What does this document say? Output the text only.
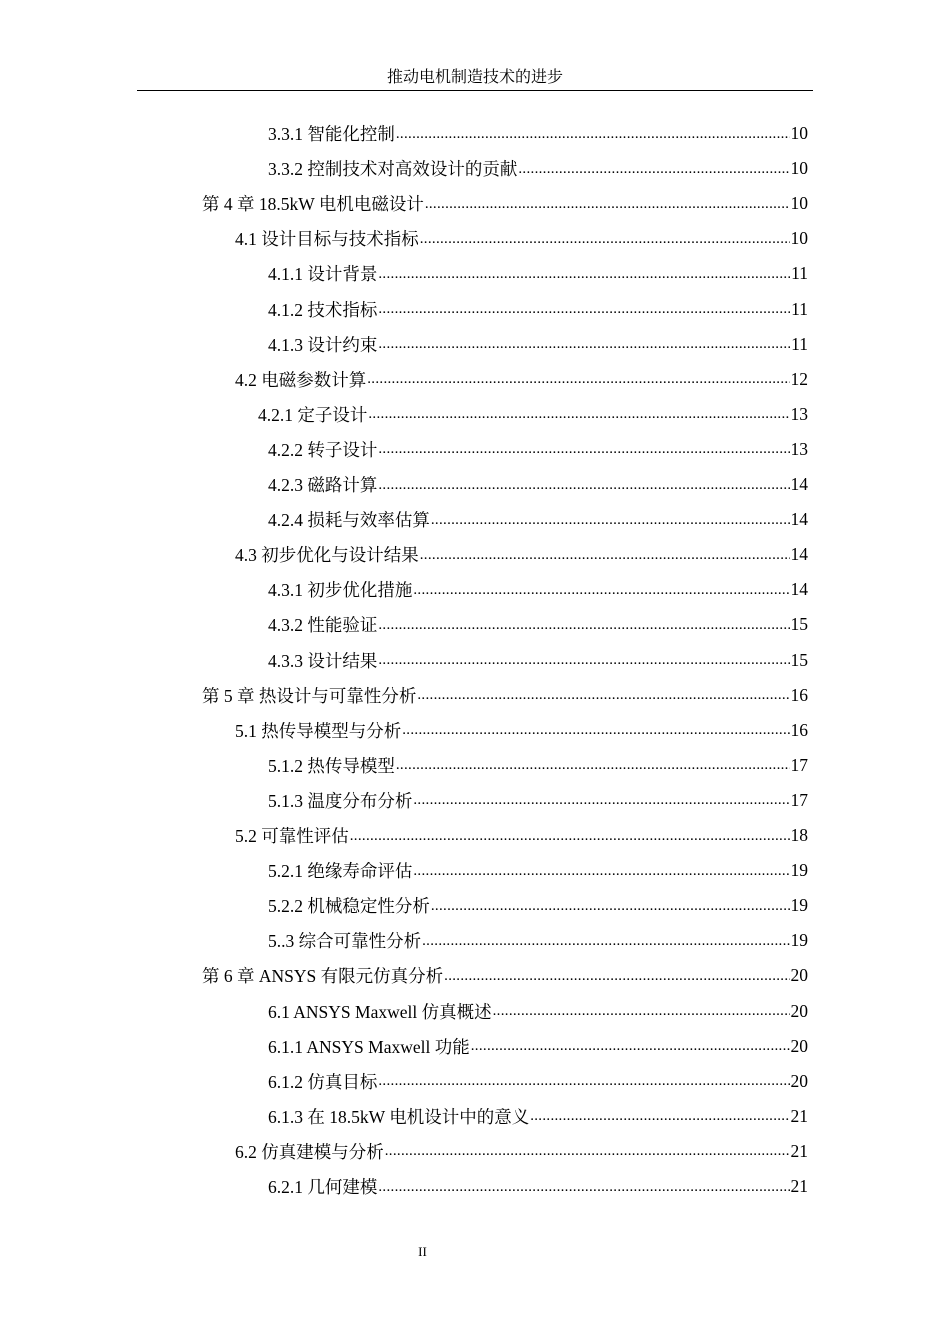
推动电机制造技术的进步
3.3.1 智能化控制 .....	10
3.3.2 控制技术对高效设计的贡献 .....	10
第 4 章 18.5kW 电机电磁设计 .....	10
4.1 设计目标与技术指标 .....	10
4.1.1 设计背景 .....	11
4.1.2 技术指标 .....	11
4.1.3 设计约束 .....	11
4.2 电磁参数计算 .....	12
4.2.1 定子设计 .....	13
4.2.2 转子设计 .....	13
4.2.3 磁路计算 .....	14
4.2.4 损耗与效率估算 .....	14
4.3 初步优化与设计结果 .....	14
4.3.1 初步优化措施 .....	14
4.3.2 性能验证 .....	15
4.3.3 设计结果 .....	15
第 5 章 热设计与可靠性分析 .....	16
5.1 热传导模型与分析 .....	16
5.1.2 热传导模型 .....	17
5.1.3 温度分布分析 .....	17
5.2 可靠性评估 .....	18
5.2.1 绝缘寿命评估 .....	19
5.2.2 机械稳定性分析 .....	19
5..3 综合可靠性分析 .....	19
第 6 章 ANSYS 有限元仿真分析 .....	20
6.1 ANSYS Maxwell 仿真概述 .....	20
6.1.1 ANSYS Maxwell 功能 .....	20
6.1.2 仿真目标 .....	20
6.1.3 在 18.5kW 电机设计中的意义 .....	21
6.2 仿真建模与分析 .....	21
6.2.1 几何建模 .....	21
II
